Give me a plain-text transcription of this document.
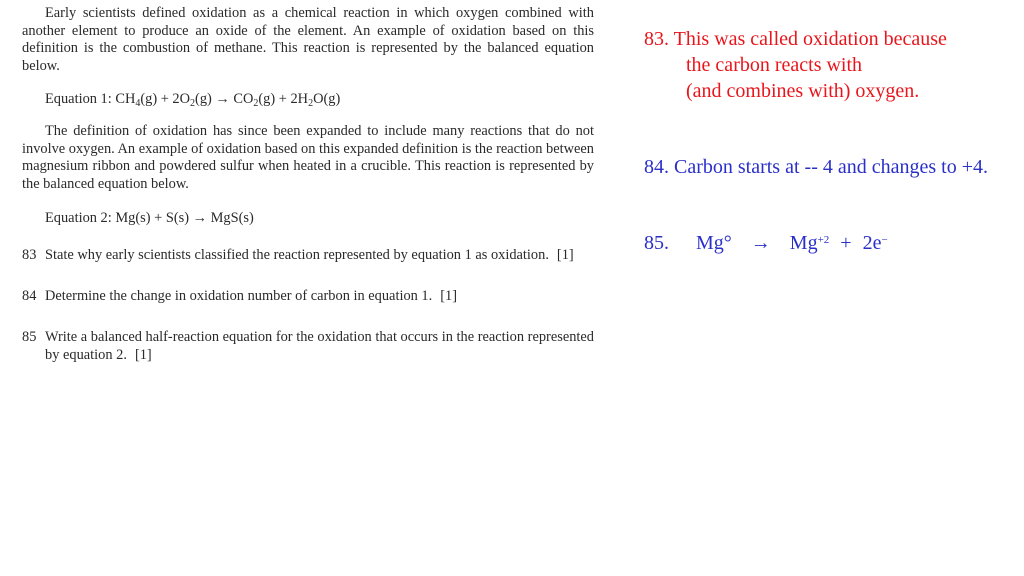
Early scientists defined oxidation as a chemical reaction in which oxygen combined with another element to produce an oxide of the element. An example of oxidation based on this definition is the combustion of methane. This reaction is represented by the balanced equation below.

Equation 1: $CH_4(g) + 2O_2(g) \to CO_2(g) + 2H_2O(g)$

The definition of oxidation has since been expanded to include many reactions that do not involve oxygen. An example of oxidation based on this expanded definition is the reaction between magnesium ribbon and powdered sulfur when heated in a crucible. This reaction is represented by the balanced equation below.

Equation 2: Mg(s) + S(s) → MgS(s)

83 State why early scientists classified the reaction represented by equation 1 as oxidation. [1]
84 Determine the change in oxidation number of carbon in equation 1. [1]
85 Write a balanced half-reaction equation for the oxidation that occurs in the reaction represented by equation 2. [1]
83. This was called oxidation because
the carbon reacts with
(and combines with) oxygen.
84. Carbon starts at -- 4 and changes to +4.
85. $Mg^\circ \to Mg^{+2} + 2e^-$
